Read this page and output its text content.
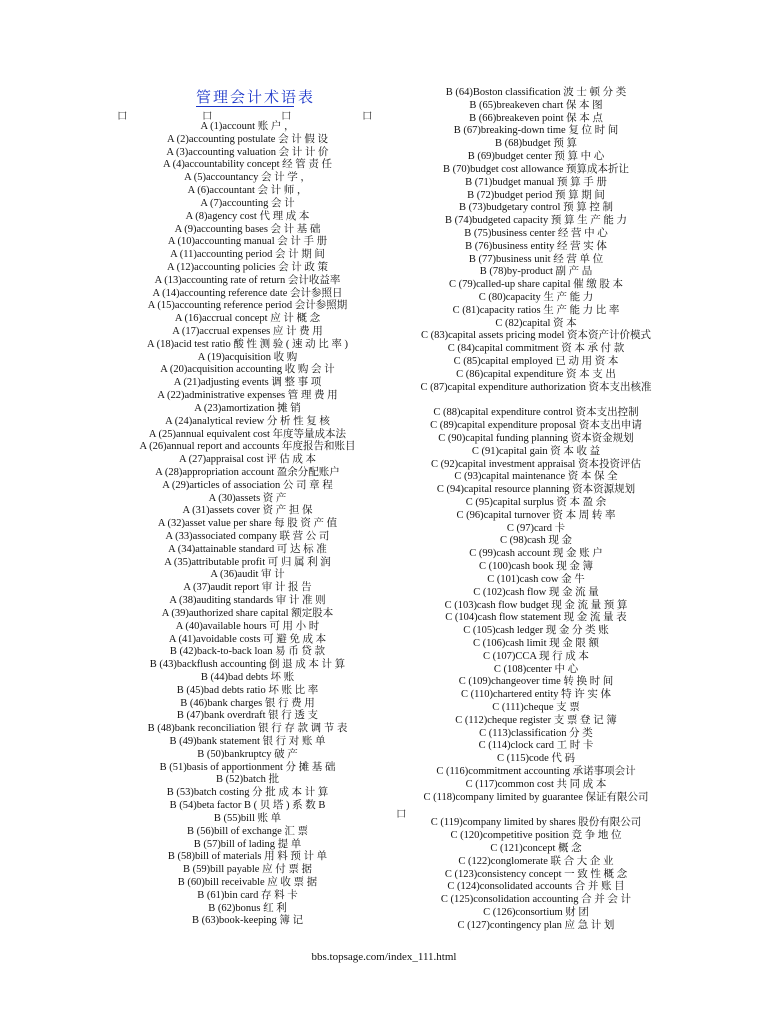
管理会计术语表
口	口	口	口
口
A (1)account 账 户 ，
A (2)accounting postulate 会 计 假 设
A (3)accounting valuation 会 计 计 价
A (4)accountability concept 经 管 责 任
A (5)accountancy 会 计 学 ，
A (6)accountant 会 计 师 ，
A (7)accounting 会 计
A (8)agency cost 代 理 成 本
A (9)accounting bases 会 计 基 础
A (10)accounting manual 会 计 手 册
A (11)accounting period 会 计 期 间
A (12)accounting policies 会 计 政 策
A (13)accounting rate of return 会计收益率
A (14)accounting reference date 会计参照日
A (15)accounting reference period 会计参照期
A (16)accrual concept 应 计 概 念
A (17)accrual expenses 应 计 费 用
A (18)acid test ratio 酸 性 测 验 ( 速 动 比 率 )
A (19)acquisition 收 购
A (20)acquisition accounting 收 购 会 计
A (21)adjusting events 调 整 事 项
A (22)administrative expenses 管 理 费 用
A (23)amortization 摊 销
A (24)analytical review 分 析 性 复 核
A (25)annual equivalent cost 年度等量成本法
A (26)annual report and accounts 年度报告和账目
A (27)appraisal cost 评 估 成 本
A (28)appropriation account 盈余分配账户
A (29)articles of association 公 司 章 程
A (30)assets 资 产
A (31)assets cover 资 产 担 保
A (32)asset value per share 每 股 资 产 值
A (33)associated company 联 营 公 司
A (34)attainable standard 可 达 标 准
A (35)attributable profit 可 归 属 利 润
A (36)audit 审 计
A (37)audit report 审 计 报 告
A (38)auditing standards 审 计 准 则
A (39)authorized share capital 额定股本
A (40)available hours 可 用 小 时
A (41)avoidable costs 可 避 免 成 本
B (42)back-to-back loan 易 币 贷 款
B (43)backflush accounting 倒 退 成 本 计 算
B (44)bad debts 坏 账
B (45)bad debts ratio 坏 账 比 率
B (46)bank charges 银 行 费 用
B (47)bank overdraft 银 行 透 支
B (48)bank reconciliation 银 行 存 款 调 节 表
B (49)bank statement 银 行 对 账 单
B (50)bankruptcy 破 产
B (51)basis of apportionment 分 摊 基 础
B (52)batch 批
B (53)batch costing 分 批 成 本 计 算
B (54)beta factor B ( 贝 塔 ) 系 数 B
B (55)bill 账 单
B (56)bill of exchange 汇 票
B (57)bill of lading 提 单
B (58)bill of materials 用 料 预 计 单
B (59)bill payable 应 付 票 据
B (60)bill receivable 应 收 票 据
B (61)bin card 存 料 卡
B (62)bonus 红 利
B (63)book-keeping 簿 记
B (64)Boston classification 波 士 顿 分 类
B (65)breakeven chart 保 本 图
B (66)breakeven point 保 本 点
B (67)breaking-down time 复 位 时 间
B (68)budget 预 算
B (69)budget center 预 算 中 心
B (70)budget cost allowance 预算成本折让
B (71)budget manual 预 算 手 册
B (72)budget period 预 算 期 间
B (73)budgetary control 预 算 控 制
B (74)budgeted capacity 预 算 生 产 能 力
B (75)business center 经 营 中 心
B (76)business entity 经 营 实 体
B (77)business unit 经 营 单 位
B (78)by-product 副 产 品
C (79)called-up share capital 催 缴 股 本
C (80)capacity 生 产 能 力
C (81)capacity ratios 生 产 能 力 比 率
C (82)capital 资 本
C (83)capital assets pricing model 资本资产计价模式
C (84)capital commitment 资 本 承 付 款
C (85)capital employed 已 动 用 资 本
C (86)capital expenditure 资 本 支 出
C (87)capital expenditure authorization 资本支出核准
C (88)capital expenditure control 资本支出控制
C (89)capital expenditure proposal 资本支出申请
C (90)capital funding planning 资本资金规划
C (91)capital gain 资 本 收 益
C (92)capital investment appraisal 资本投资评估
C (93)capital maintenance 资 本 保 全
C (94)capital resource planning 资本资源规划
C (95)capital surplus 资 本 盈 余
C (96)capital turnover 资 本 周 转 率
C (97)card 卡
C (98)cash 现 金
C (99)cash account 现 金 账 户
C (100)cash book 现 金 簿
C (101)cash cow 金 牛
C (102)cash flow 现 金 流 量
C (103)cash flow budget 现 金 流 量 预 算
C (104)cash flow statement 现 金 流 量 表
C (105)cash ledger 现 金 分 类 账
C (106)cash limit 现 金 限 额
C (107)CCA 现 行 成 本
C (108)center 中 心
C (109)changeover time 转 换 时 间
C (110)chartered entity 特 许 实 体
C (111)cheque 支 票
C (112)cheque register 支 票 登 记 簿
C (113)classification 分 类
C (114)clock card 工 时 卡
C (115)code 代 码
C (116)commitment accounting 承诺事项会计
C (117)common cost 共 同 成 本
C (118)company limited by guarantee 保证有限公司
C (119)company limited by shares 股份有限公司
C (120)competitive position 竞 争 地 位
C (121)concept 概 念
C (122)conglomerate 联 合 大 企 业
C (123)consistency concept 一 致 性 概 念
C (124)consolidated accounts 合 并 账 目
C (125)consolidation accounting 合 并 会 计
C (126)consortium 财 团
C (127)contingency plan 应 急 计 划
bbs.topsage.com/index_111.html
